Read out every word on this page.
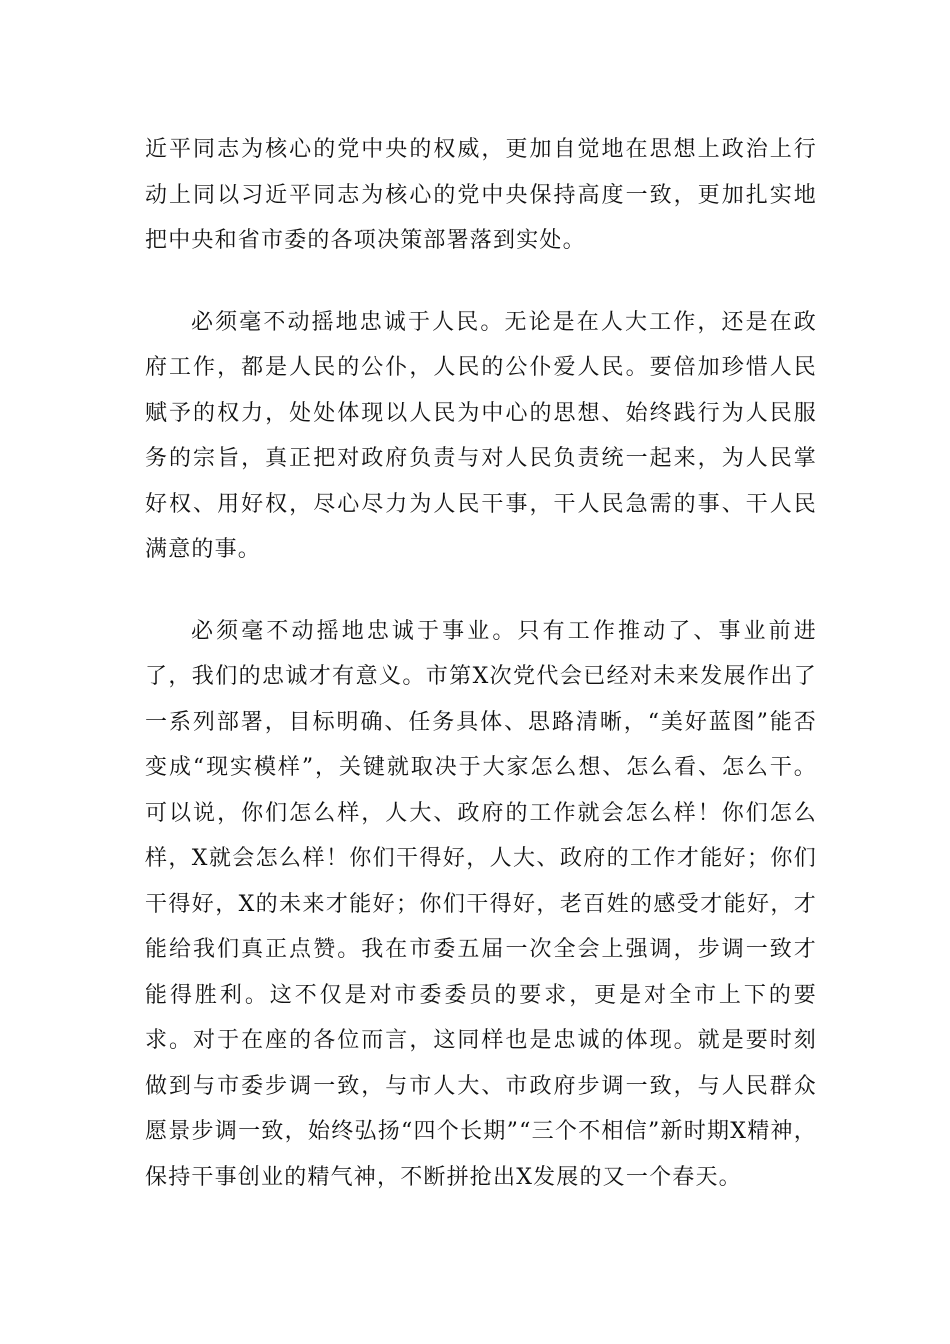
近平同志为核心的党中央的权威，更加自觉地在思想上政治上行动上同以习近平同志为核心的党中央保持高度一致，更加扎实地把中央和省市委的各项决策部署落到实处。

必须毫不动摇地忠诚于人民。无论是在人大工作，还是在政府工作，都是人民的公仆，人民的公仆爱人民。要倍加珍惜人民赋予的权力，处处体现以人民为中心的思想、始终践行为人民服务的宗旨，真正把对政府负责与对人民负责统一起来，为人民掌好权、用好权，尽心尽力为人民干事，干人民急需的事、干人民满意的事。

必须毫不动摇地忠诚于事业。只有工作推动了、事业前进了，我们的忠诚才有意义。市第X次党代会已经对未来发展作出了一系列部署，目标明确、任务具体、思路清晰，“美好蓝图”能否变成“现实模样”，关键就取决于大家怎么想、怎么看、怎么干。可以说，你们怎么样，人大、政府的工作就会怎么样！你们怎么样，X就会怎么样！你们干得好，人大、政府的工作才能好；你们干得好，X的未来才能好；你们干得好，老百姓的感受才能好，才能给我们真正点赞。我在市委五届一次全会上强调，步调一致才能得胜利。这不仅是对市委委员的要求，更是对全市上下的要求。对于在座的各位而言，这同样也是忠诚的体现。就是要时刻做到与市委步调一致，与市人大、市政府步调一致，与人民群众愿景步调一致，始终弘扬“四个长期”“三个不相信”新时期X精神，保持干事创业的精气神，不断拼抢出X发展的又一个春天。
